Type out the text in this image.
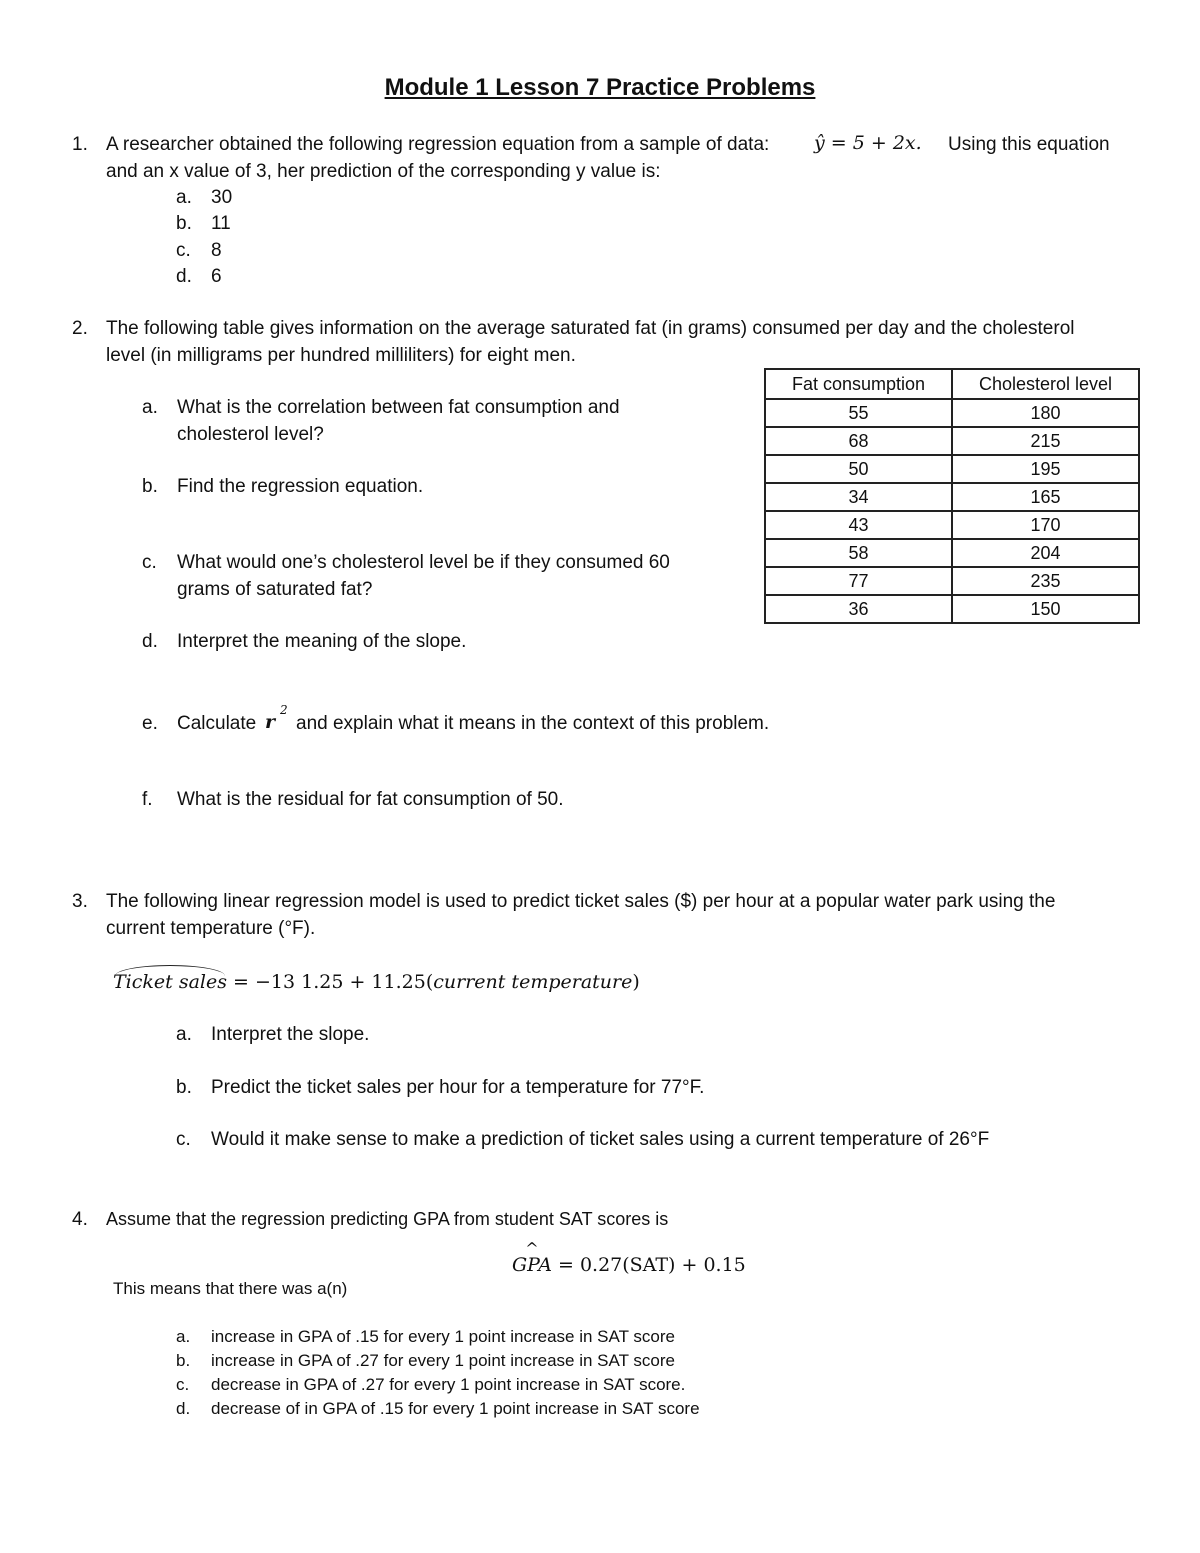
Module 1 Lesson 7 Practice Problems
1. A researcher obtained the following regression equation from a sample of data: ŷ = 5 + 2x. Using this equation
and an x value of 3, her prediction of the corresponding y value is:
a. 30
b. 11
c. 8
d. 6
2. The following table gives information on the average saturated fat (in grams) consumed per day and the cholesterol
level (in milligrams per hundred milliliters) for eight men.
a. What is the correlation between fat consumption and
cholesterol level?
b. Find the regression equation.
c. What would one’s cholesterol level be if they consumed 60
grams of saturated fat?
d. Interpret the meaning of the slope.
e. Calculate r
2
and explain what it means in the context of this problem.
f. What is the residual for fat consumption of 50.
Fat consumption	Cholesterol level
55	180
68	215
50	195
34	165
43	170
58	204
77	235
36	150
3. The following linear regression model is used to predict ticket sales ($) per hour at a popular water park using the
current temperature (°F).
Ticket sales = −13 1.25 + 11.25(current temperature)
a. Interpret the slope.
b. Predict the ticket sales per hour for a temperature for 77°F.
c. Would it make sense to make a prediction of ticket sales using a current temperature of 26°F
4. Assume that the regression predicting GPA from student SAT scores is
^
GPA = 0.27(SAT) + 0.15
This means that there was a(n)
a. increase in GPA of .15 for every 1 point increase in SAT score
b. increase in GPA of .27 for every 1 point increase in SAT score
c. decrease in GPA of .27 for every 1 point increase in SAT score.
d. decrease of in GPA of .15 for every 1 point increase in SAT score
